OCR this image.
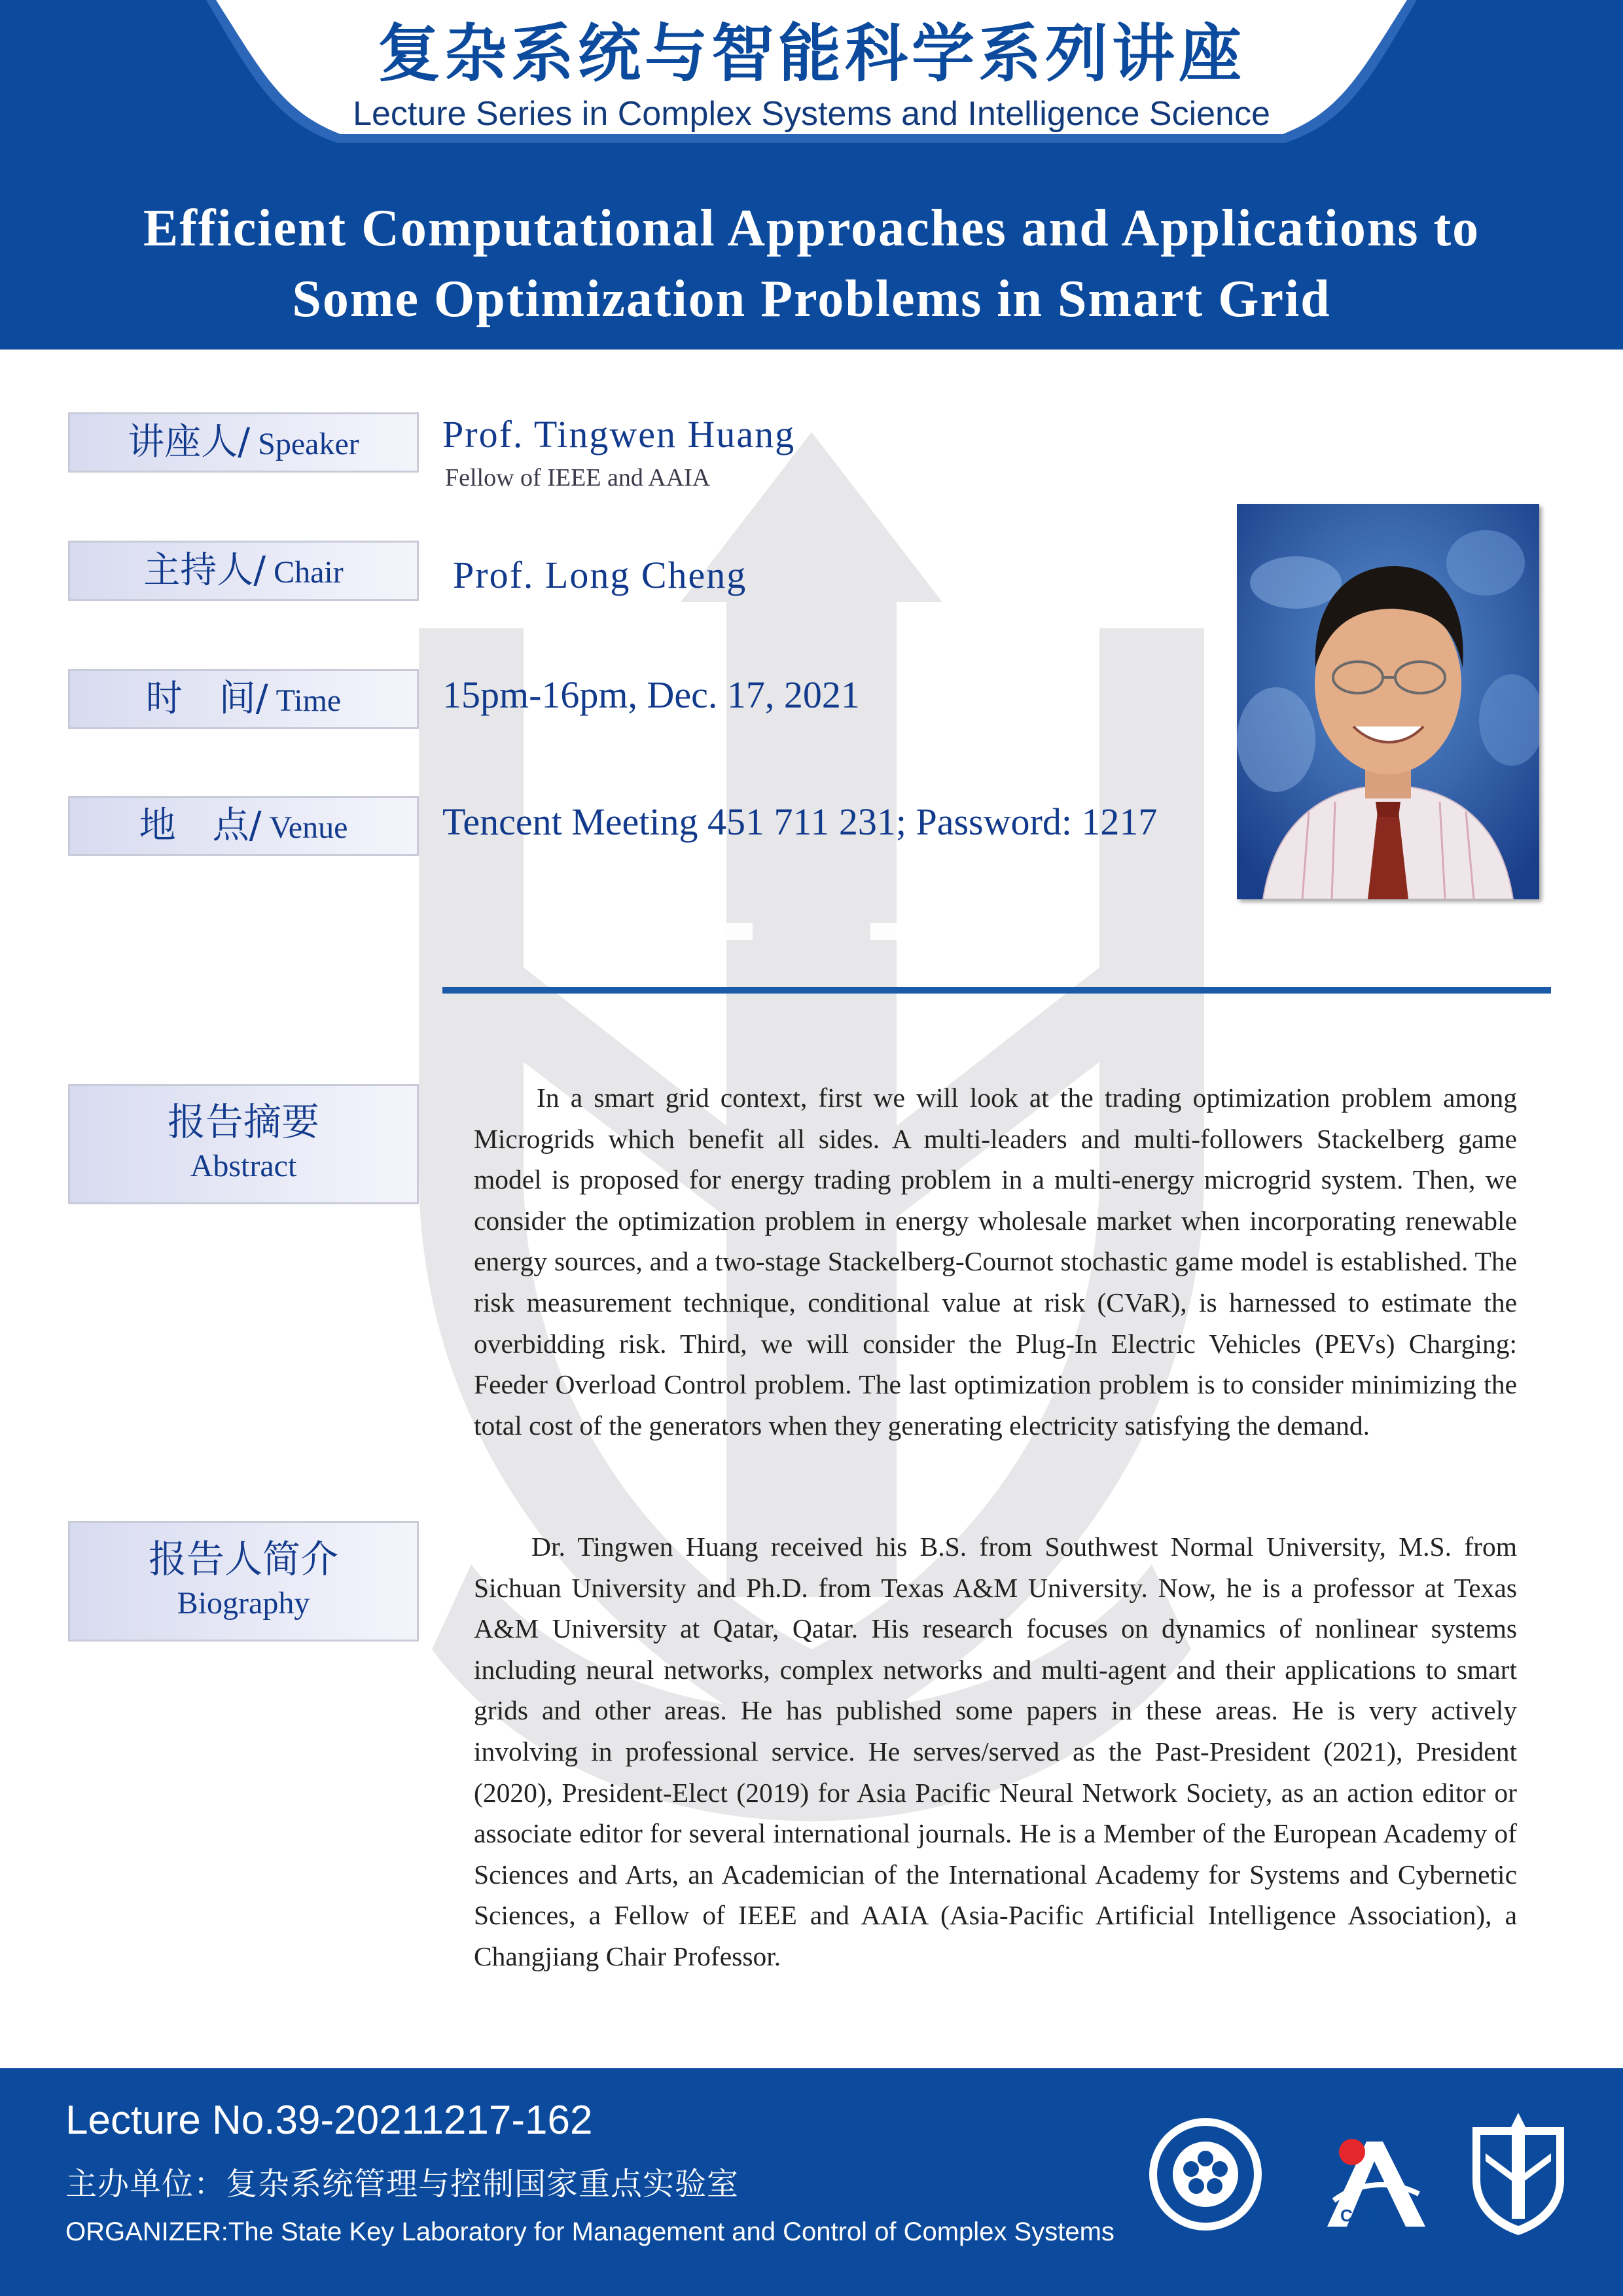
复杂系统与智能科学系列讲座
Lecture Series in Complex Systems and Intelligence Science
Efficient Computational Approaches and Applications to
Some Optimization Problems in Smart Grid
讲座人/ Speaker	Prof. Tingwen Huang
Fellow of IEEE and AAIA
主持人/ Chair	Prof. Long Cheng
时　间/ Time	15pm-16pm, Dec. 17, 2021
地　点/ Venue	Tencent Meeting 451 711 231; Password: 1217
报告摘要
Abstract
In a smart grid context, first we will look at the trading optimization problem among Microgrids which benefit all sides. A multi-leaders and multi-followers Stackelberg game model is proposed for energy trading problem in a multi-energy microgrid system. Then, we consider the optimization problem in energy wholesale market when incorporating renewable energy sources, and a two-stage Stackelberg-Cournot stochastic game model is established. The risk measurement technique, conditional value at risk (CVaR), is harnessed to estimate the overbidding risk. Third, we will consider the Plug-In Electric Vehicles (PEVs) Charging: Feeder Overload Control problem. The last optimization problem is to consider minimizing the total cost of the generators when they generating electricity satisfying the demand.
报告人简介
Biography
Dr. Tingwen Huang received his B.S. from Southwest Normal University, M.S. from Sichuan University and Ph.D. from Texas A&M University. Now, he is a professor at Texas A&M University at Qatar, Qatar. His research focuses on dynamics of nonlinear systems including neural networks, complex networks and multi-agent and their applications to smart grids and other areas. He has published some papers in these areas. He is very actively involving in professional service. He serves/served as the Past-President (2021), President (2020), President-Elect (2019) for Asia Pacific Neural Network Society, as an action editor or associate editor for several international journals. He is a Member of the European Academy of Sciences and Arts, an Academician of the International Academy for Systems and Cybernetic Sciences, a Fellow of IEEE and AAIA (Asia-Pacific Artificial Intelligence Association), a Changjiang Chair Professor.
Lecture No.39-20211217-162
主办单位：复杂系统管理与控制国家重点实验室
ORGANIZER:The State Key Laboratory for Management and Control of Complex Systems
CASIA
